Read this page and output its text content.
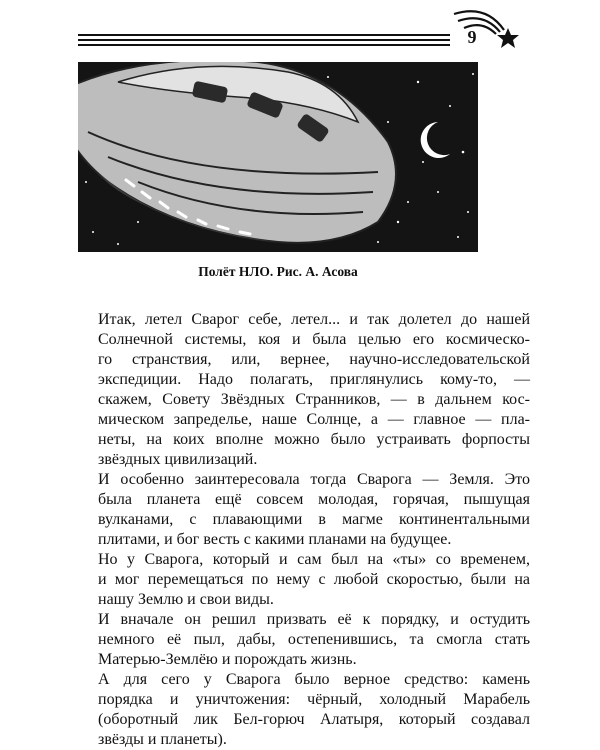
9
Полёт НЛО. Рис. А. Асова
Итак, летел Сварог себе, летел... и так долетел до нашей
Солнечной системы, коя и была целью его космическо-
го странствия, или, вернее, научно-исследовательской
экспедиции. Надо полагать, приглянулись кому-то, —
скажем, Совету Звёздных Странников, — в дальнем кос-
мическом запределье, наше Солнце, а — главное — пла-
неты, на коих вполне можно было устраивать форпосты
звёздных цивилизаций.
И особенно заинтересовала тогда Сварога — Земля. Это
была планета ещё совсем молодая, горячая, пышущая
вулканами, с плавающими в магме континентальными
плитами, и бог весть с какими планами на будущее.
Но у Сварога, который и сам был на «ты» со временем,
и мог перемещаться по нему с любой скоростью, были на
нашу Землю и свои виды.
И вначале он решил призвать её к порядку, и остудить
немного её пыл, дабы, остепенившись, та смогла стать
Матерью-Землёю и порождать жизнь.
А для сего у Сварога было верное средство: камень
порядка и уничтожения: чёрный, холодный Марабель
(оборотный лик Бел-горюч Алатыря, который создавал
звёзды и планеты).
